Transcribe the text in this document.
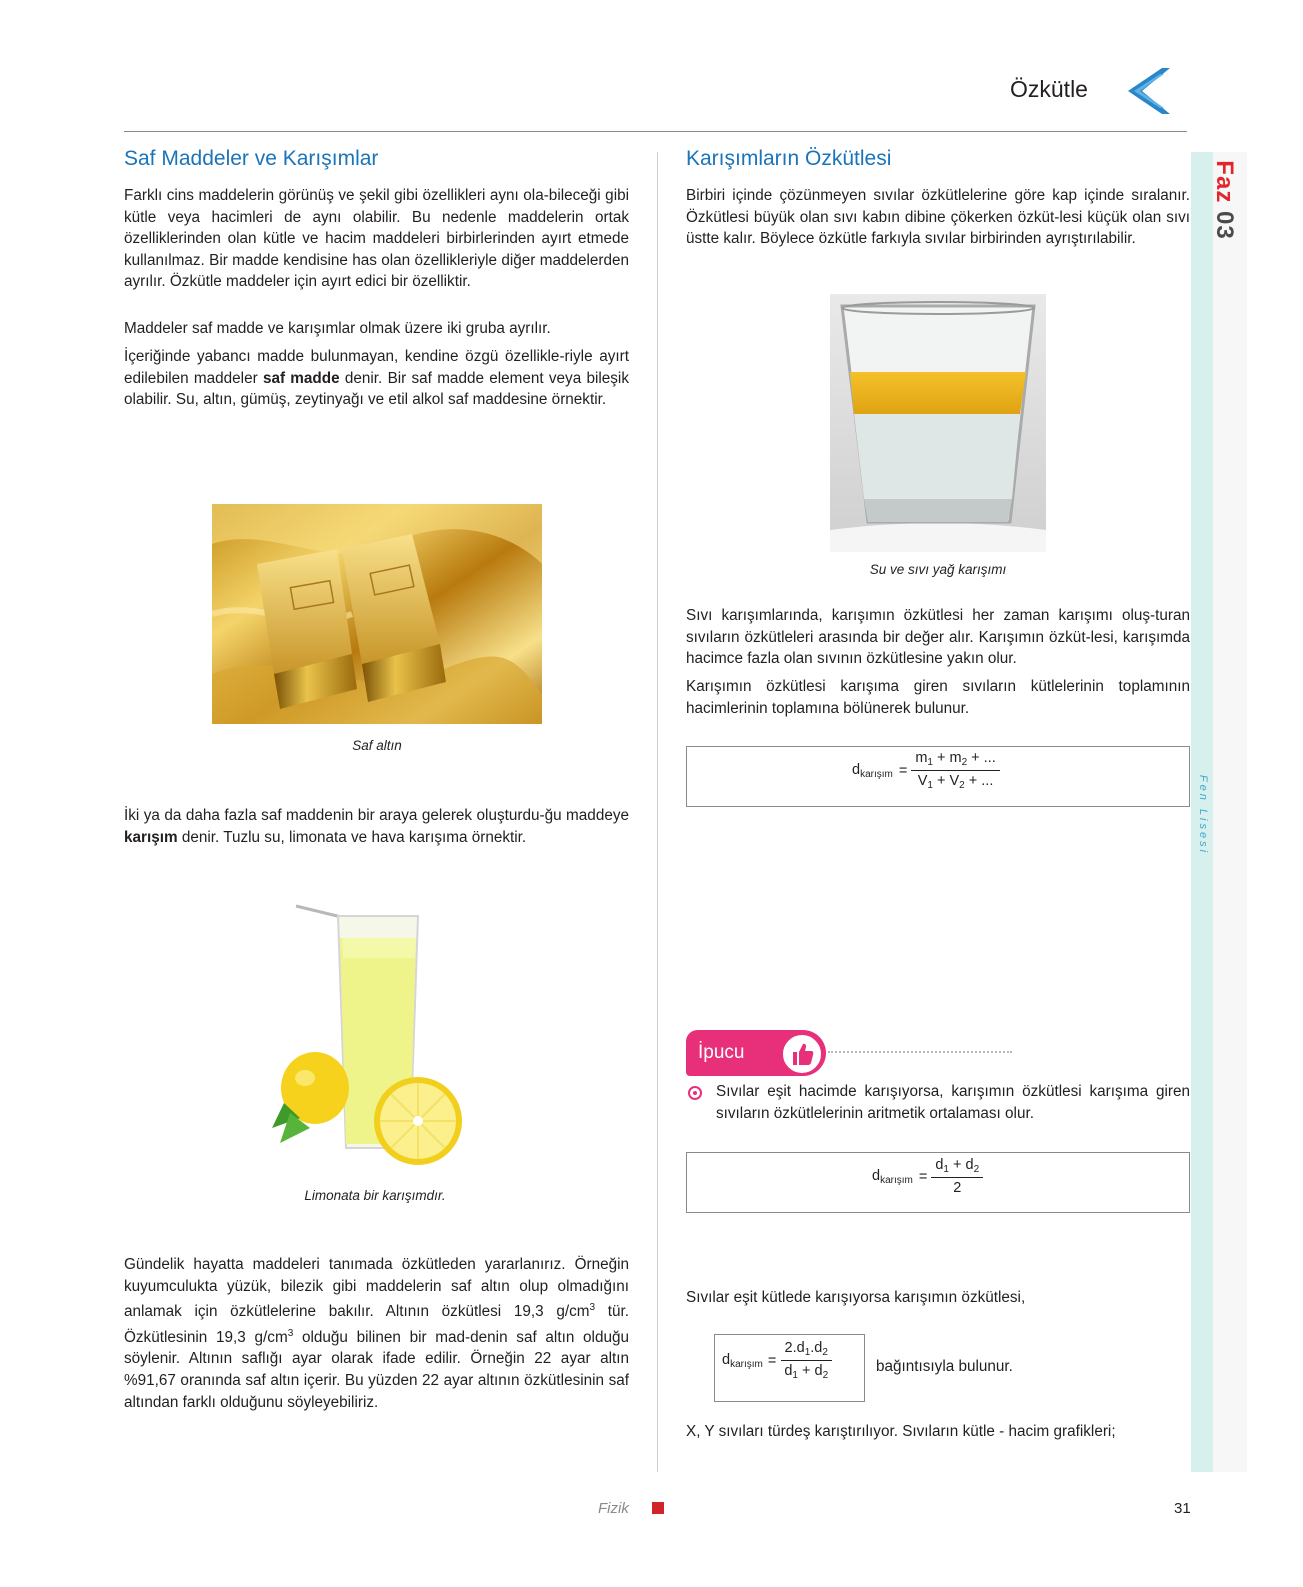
Özkütle
Faz 03
Fen Lisesi
Saf Maddeler ve Karışımlar
Farklı cins maddelerin görünüş ve şekil gibi özellikleri aynı ola-bileceği gibi kütle veya hacimleri de aynı olabilir. Bu nedenle maddelerin ortak özelliklerinden olan kütle ve hacim maddeleri birbirlerinden ayırt etmede kullanılmaz. Bir madde kendisine has olan özellikleriyle diğer maddelerden ayrılır. Özkütle maddeler için ayırt edici bir özelliktir.
Maddeler saf madde ve karışımlar olmak üzere iki gruba ayrılır.
İçeriğinde yabancı madde bulunmayan, kendine özgü özellikle-riyle ayırt edilebilen maddeler saf madde denir. Bir saf madde element veya bileşik olabilir. Su, altın, gümüş, zeytinyağı ve etil alkol saf maddesine örnektir.
Saf altın
İki ya da daha fazla saf maddenin bir araya gelerek oluşturdu-ğu maddeye karışım denir. Tuzlu su, limonata ve hava karışıma örnektir.
Limonata bir karışımdır.
Gündelik hayatta maddeleri tanımada özkütleden yararlanırız. Örneğin kuyumculukta yüzük, bilezik gibi maddelerin saf altın olup olmadığını anlamak için özkütlelerine bakılır. Altının özkütlesi 19,3 $g/cm^3$ tür. Özkütlesinin 19,3 $g/cm^3$ olduğu bilinen bir mad-denin saf altın olduğu söylenir. Altının saflığı ayar olarak ifade edilir. Örneğin 22 ayar altın %91,67 oranında saf altın içerir. Bu yüzden 22 ayar altının özkütlesinin saf altından farklı olduğunu söyleyebiliriz.
Karışımların Özkütlesi
Birbiri içinde çözünmeyen sıvılar özkütlelerine göre kap içinde sıralanır. Özkütlesi büyük olan sıvı kabın dibine çökerken özküt-lesi küçük olan sıvı üstte kalır. Böylece özkütle farkıyla sıvılar birbirinden ayrıştırılabilir.
Su ve sıvı yağ karışımı
Sıvı karışımlarında, karışımın özkütlesi her zaman karışımı oluş-turan sıvıların özkütleleri arasında bir değer alır. Karışımın özküt-lesi, karışımda hacimce fazla olan sıvının özkütlesine yakın olur.
Karışımın özkütlesi karışıma giren sıvıların kütlelerinin toplamının hacimlerinin toplamına bölünerek bulunur.
$d_{karışım} = \frac{m_1 + m_2 + ...}{V_1 + V_2 + ...}$
İpucu
Sıvılar eşit hacimde karışıyorsa, karışımın özkütlesi karışıma giren sıvıların özkütlelerinin aritmetik ortalaması olur.
$d_{karışım} = \frac{d_1 + d_2}{2}$
Sıvılar eşit kütlede karışıyorsa karışımın özkütlesi,
$d_{karışım} = \frac{2.d_1.d_2}{d_1 + d_2}$	bağıntısıyla bulunur.
X, Y sıvıları türdeş karıştırılıyor. Sıvıların kütle - hacim grafikleri;
Fizik	31
